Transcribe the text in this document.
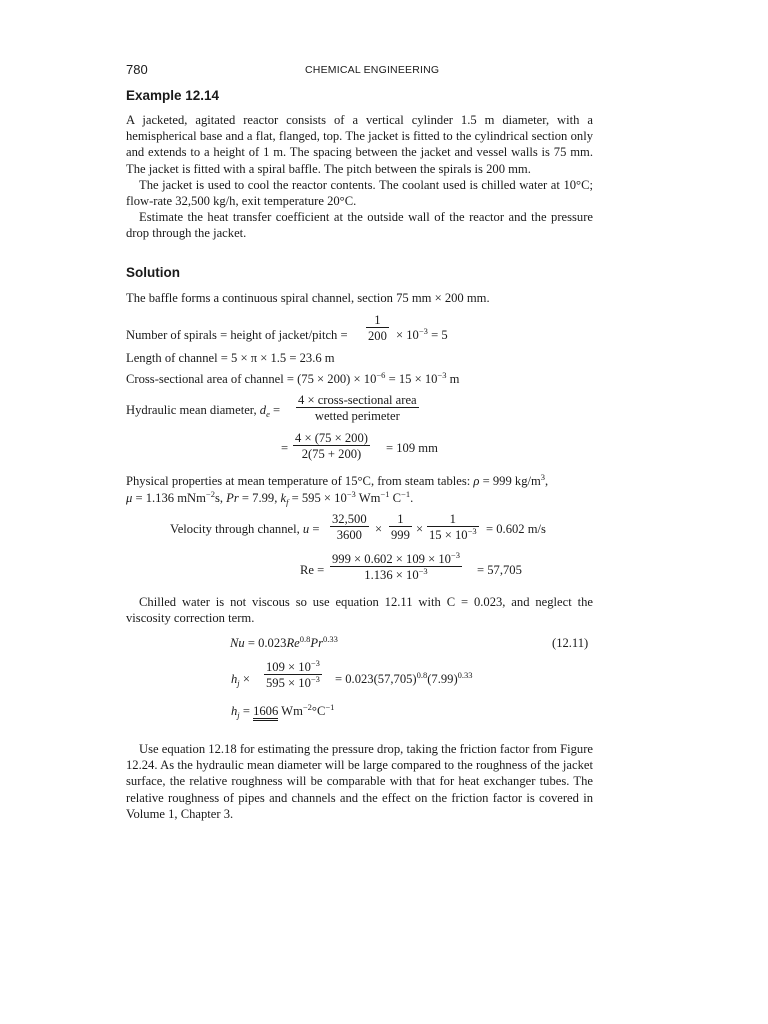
780	CHEMICAL ENGINEERING
Example 12.14

A jacketed, agitated reactor consists of a vertical cylinder 1.5 m diameter, with a hemispherical base and a flat, flanged, top. The jacket is fitted to the cylindrical section only and extends to a height of 1 m. The spacing between the jacket and vessel walls is 75 mm. The jacket is fitted with a spiral baffle. The pitch between the spirals is 200 mm.

The jacket is used to cool the reactor contents. The coolant used is chilled water at 10°C; flow-rate 32,500 kg/h, exit temperature 20°C.

Estimate the heat transfer coefficient at the outside wall of the reactor and the pressure drop through the jacket.

Solution
The baffle forms a continuous spiral channel, section 75 mm × 200 mm.
Number of spirals = height of jacket/pitch = $\frac{1}{200} \times 10^{-3} = 5$
Length of channel = 5 × π × 1.5 = 23.6 m
Cross-sectional area of channel = $(75 \times 200) \times 10^{-6} = 15 \times 10^{-3}$ m
Hydraulic mean diameter, $d_e$ =
4 × cross-sectional area
wetted perimeter
= $\frac{4 \times (75 \times 200)}{2(75 + 200)} = 109$ mm
Physical properties at mean temperature of 15°C, from steam tables: ρ = 999 $kg/m^3$,
μ = 1.136 mNm$^{-2}$s, Pr = 7.99, $k_f = 595 \times 10^{-3}$ $Wm^{-1}$ $C^{-1}$.
Velocity through channel, $u = \frac{32,500}{3600} \times \frac{1}{999} \times \frac{1}{15 \times 10^{-3}} = 0.602$ m/s
$Re = \frac{999 \times 0.602 \times 109 \times 10^{-3}}{1.136 \times 10^{-3}} = 57,705$

Chilled water is not viscous so use equation 12.11 with C = 0.023, and neglect the viscosity correction term.

$Nu = 0.023Re^{0.8}Pr^{0.33}$	(12.11)
$h_j \times \frac{109 \times 10^{-3}}{595 \times 10^{-3}} = 0.023(57,705)^{0.8}(7.99)^{0.33}$
$h_j = 1606$ $Wm^{-2}^\circ C^{-1}$

Use equation 12.18 for estimating the pressure drop, taking the friction factor from Figure 12.24. As the hydraulic mean diameter will be large compared to the roughness of the jacket surface, the relative roughness will be comparable with that for heat exchanger tubes. The relative roughness of pipes and channels and the effect on the friction factor is covered in Volume 1, Chapter 3.
